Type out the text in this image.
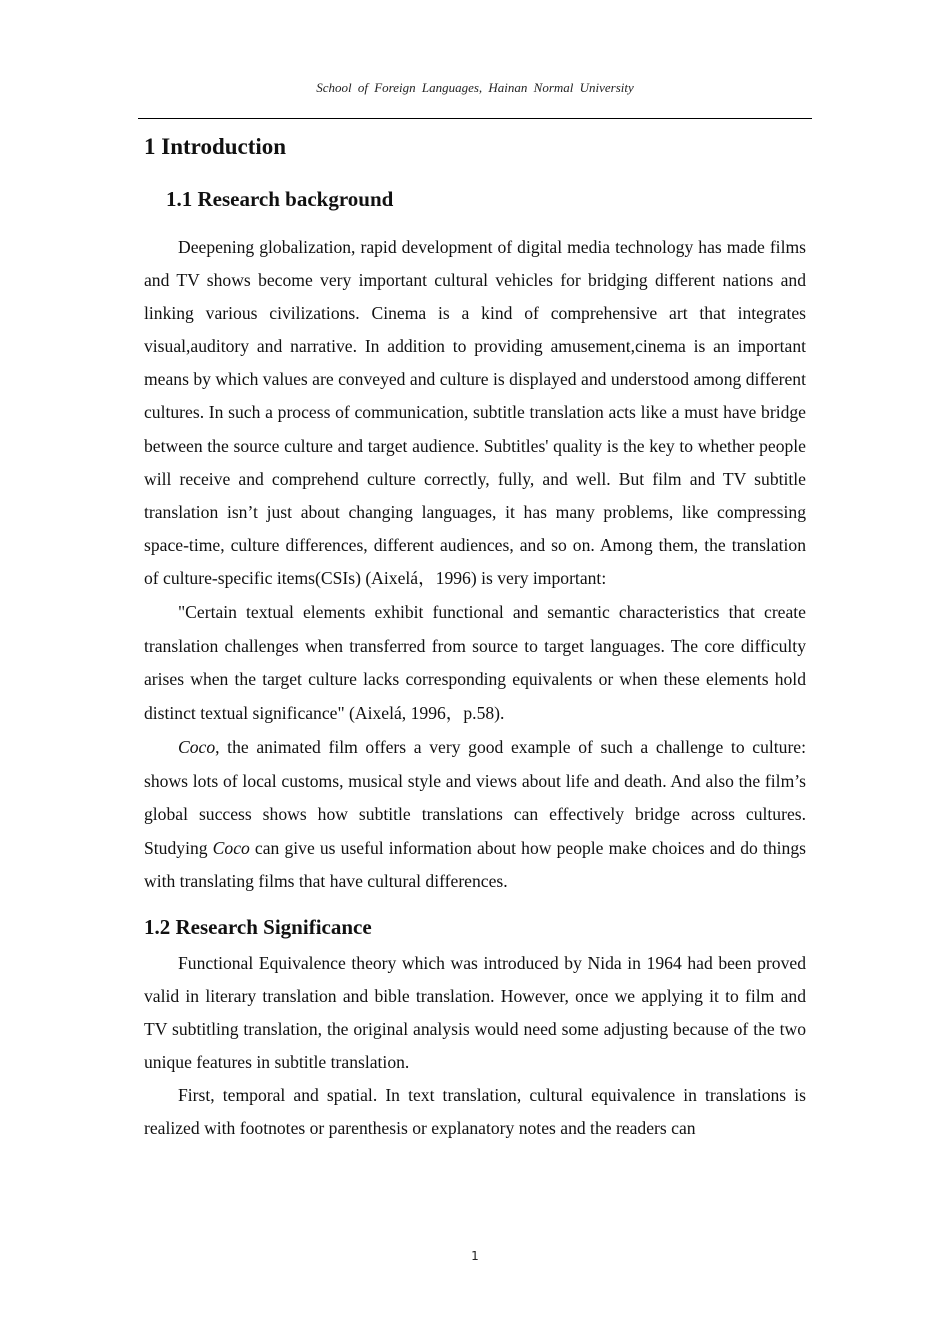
School of Foreign Languages, Hainan Normal University
1 Introduction
1.1 Research background

Deepening globalization, rapid development of digital media technology has made films and TV shows become very important cultural vehicles for bridging different nations and linking various civilizations. Cinema is a kind of comprehensive art that integrates visual,auditory and narrative. In addition to providing amusement,cinema is an important means by which values are conveyed and culture is displayed and understood among different cultures. In such a process of communication, subtitle translation acts like a must have bridge between the source culture and target audience. Subtitles' quality is the key to whether people will receive and comprehend culture correctly, fully, and well. But film and TV subtitle translation isn’t just about changing languages, it has many problems, like compressing space-time, culture differences, different audiences, and so on. Among them, the translation of culture-specific items(CSIs) (Aixelá，1996) is very important:

"Certain textual elements exhibit functional and semantic characteristics that create translation challenges when transferred from source to target languages. The core difficulty arises when the target culture lacks corresponding equivalents or when these elements hold distinct textual significance" (Aixelá, 1996，p.58).

Coco, the animated film offers a very good example of such a challenge to culture: shows lots of local customs, musical style and views about life and death. And also the film’s global success shows how subtitle translations can effectively bridge across cultures. Studying Coco can give us useful information about how people make choices and do things with translating films that have cultural differences.

1.2 Research Significance

Functional Equivalence theory which was introduced by Nida in 1964 had been proved valid in literary translation and bible translation. However, once we applying it to film and TV subtitling translation, the original analysis would need some adjusting because of the two unique features in subtitle translation.

First, temporal and spatial. In text translation, cultural equivalence in translations is realized with footnotes or parenthesis or explanatory notes and the readers can

1
